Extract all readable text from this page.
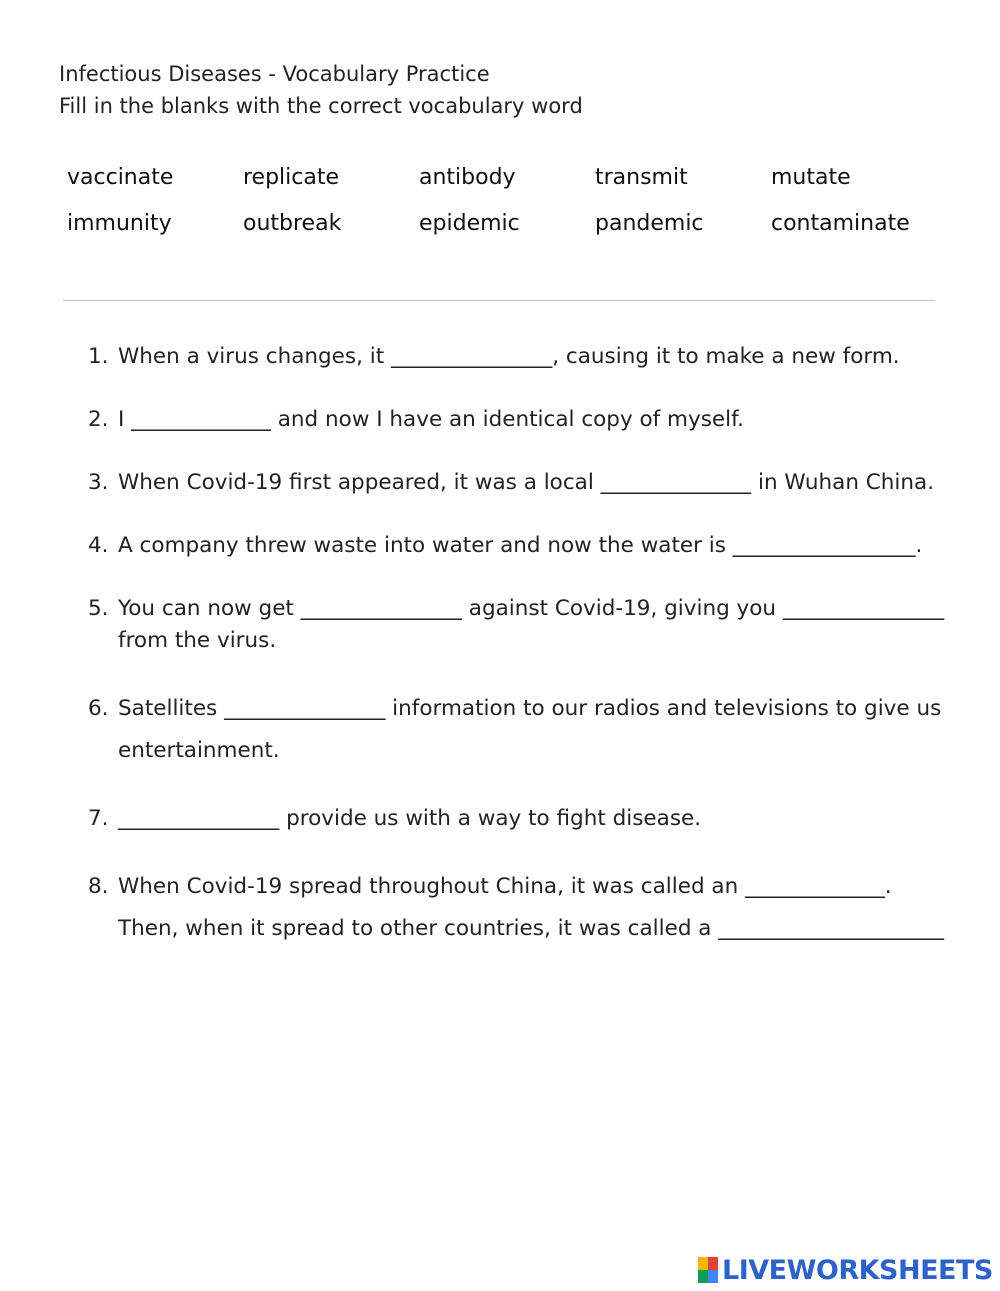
Infectious Diseases - Vocabulary Practice
Fill in the blanks with the correct vocabulary word
vaccinate	replicate	antibody	transmit	mutate
immunity	outbreak	epidemic	pandemic	contaminate
1. When a virus changes, it _______________, causing it to make a new form.
2. I _____________ and now I have an identical copy of myself.
3. When Covid-19 first appeared, it was a local ______________ in Wuhan China.
4. A company threw waste into water and now the water is _________________.
5. You can now get _______________ against Covid-19, giving you _______________ from the virus.
6. Satellites _______________ information to our radios and televisions to give us entertainment.
7. _______________ provide us with a way to fight disease.
8. When Covid-19 spread throughout China, it was called an _____________. Then, when it spread to other countries, it was called a _____________________
LIVEWORKSHEETS
